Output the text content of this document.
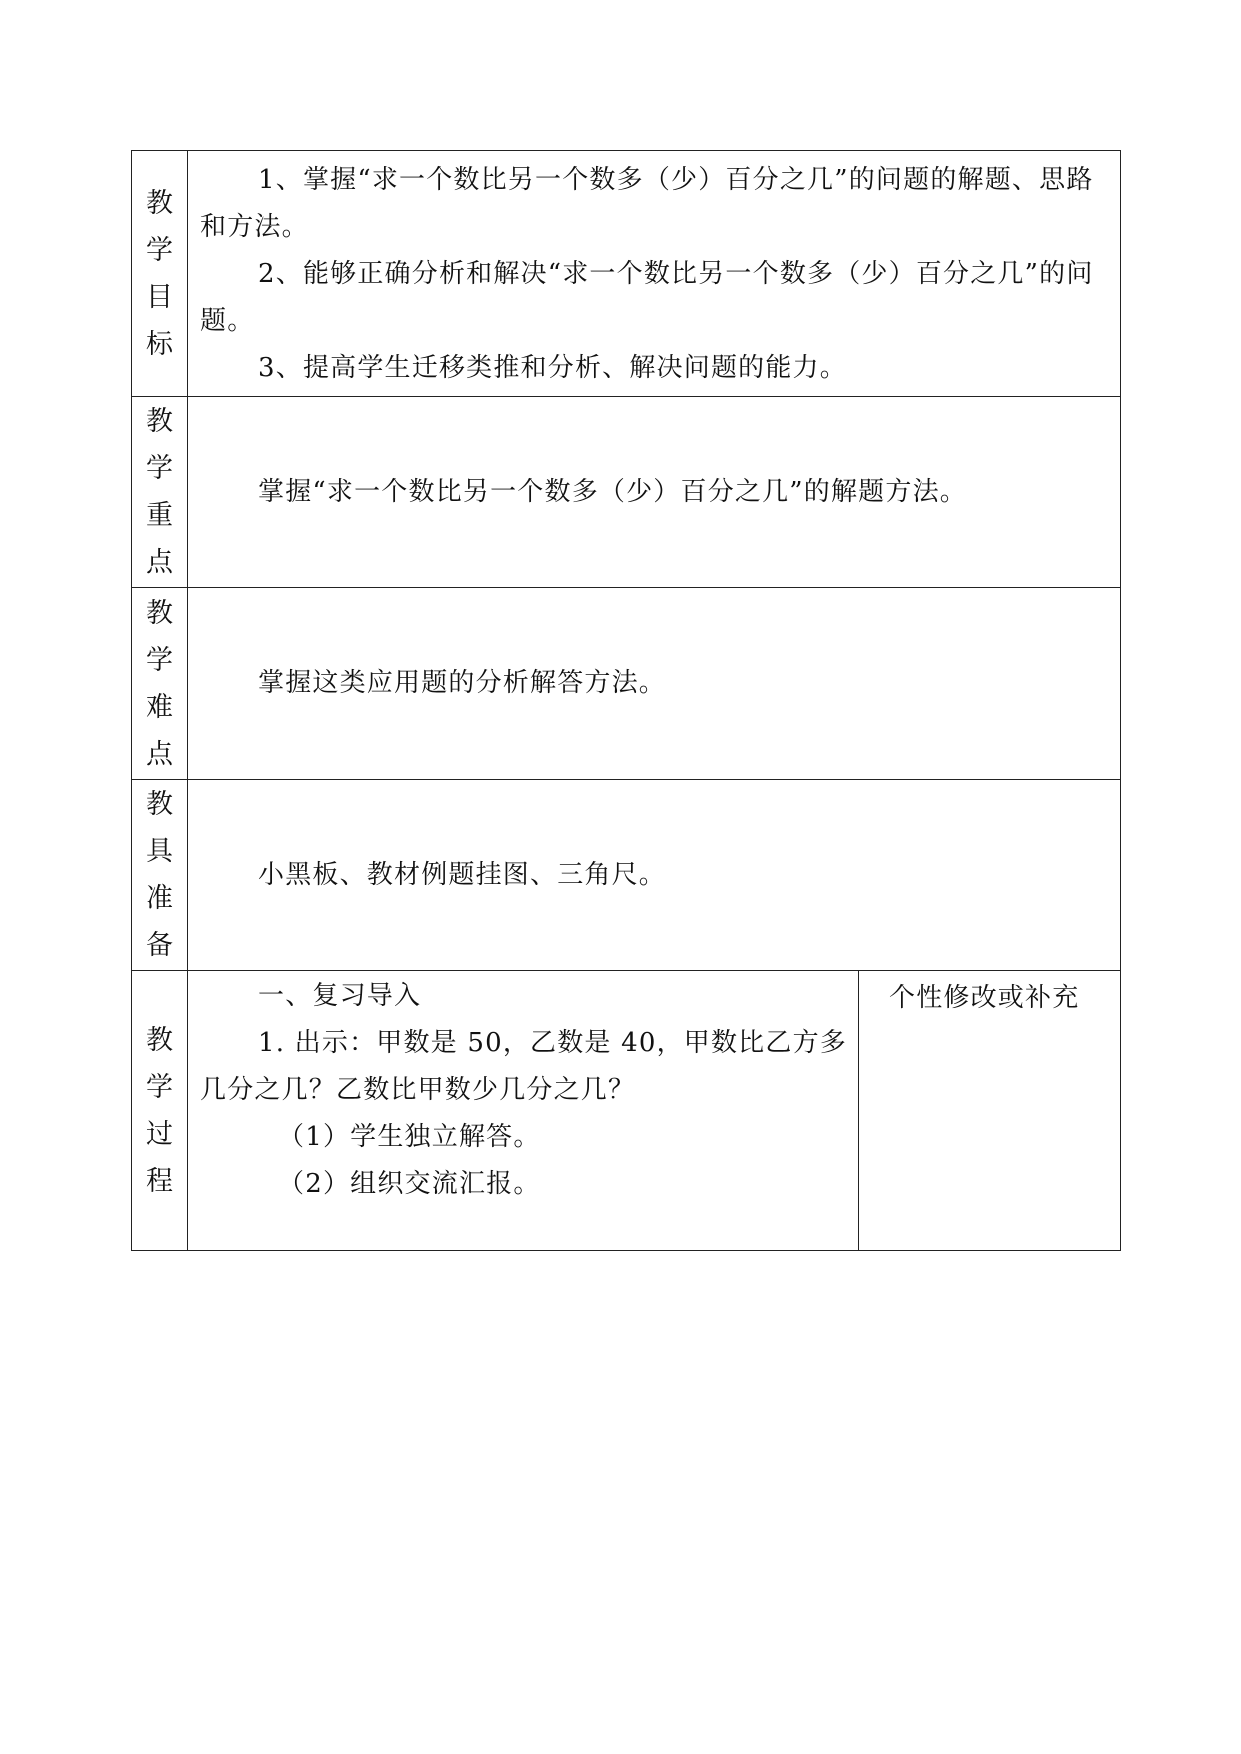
教学目标	1、掌握“求一个数比另一个数多（少）百分之几”的问题的解题、思路和方法。

2、能够正确分析和解决“求一个数比另一个数多（少）百分之几”的问题。

3、提高学生迁移类推和分析、解决问题的能力。	

教学重点	掌握“求一个数比另一个数多（少）百分之几”的解题方法。	

教学难点	掌握这类应用题的分析解答方法。	

教具准备	小黑板、教材例题挂图、三角尺。	

教学过程	一、复习导入

1. 出示：甲数是 50，乙数是 40，甲数比乙方多几分之几？乙数比甲数少几分之几？

（1）学生独立解答。

（2）组织交流汇报。	个性修改或补充
